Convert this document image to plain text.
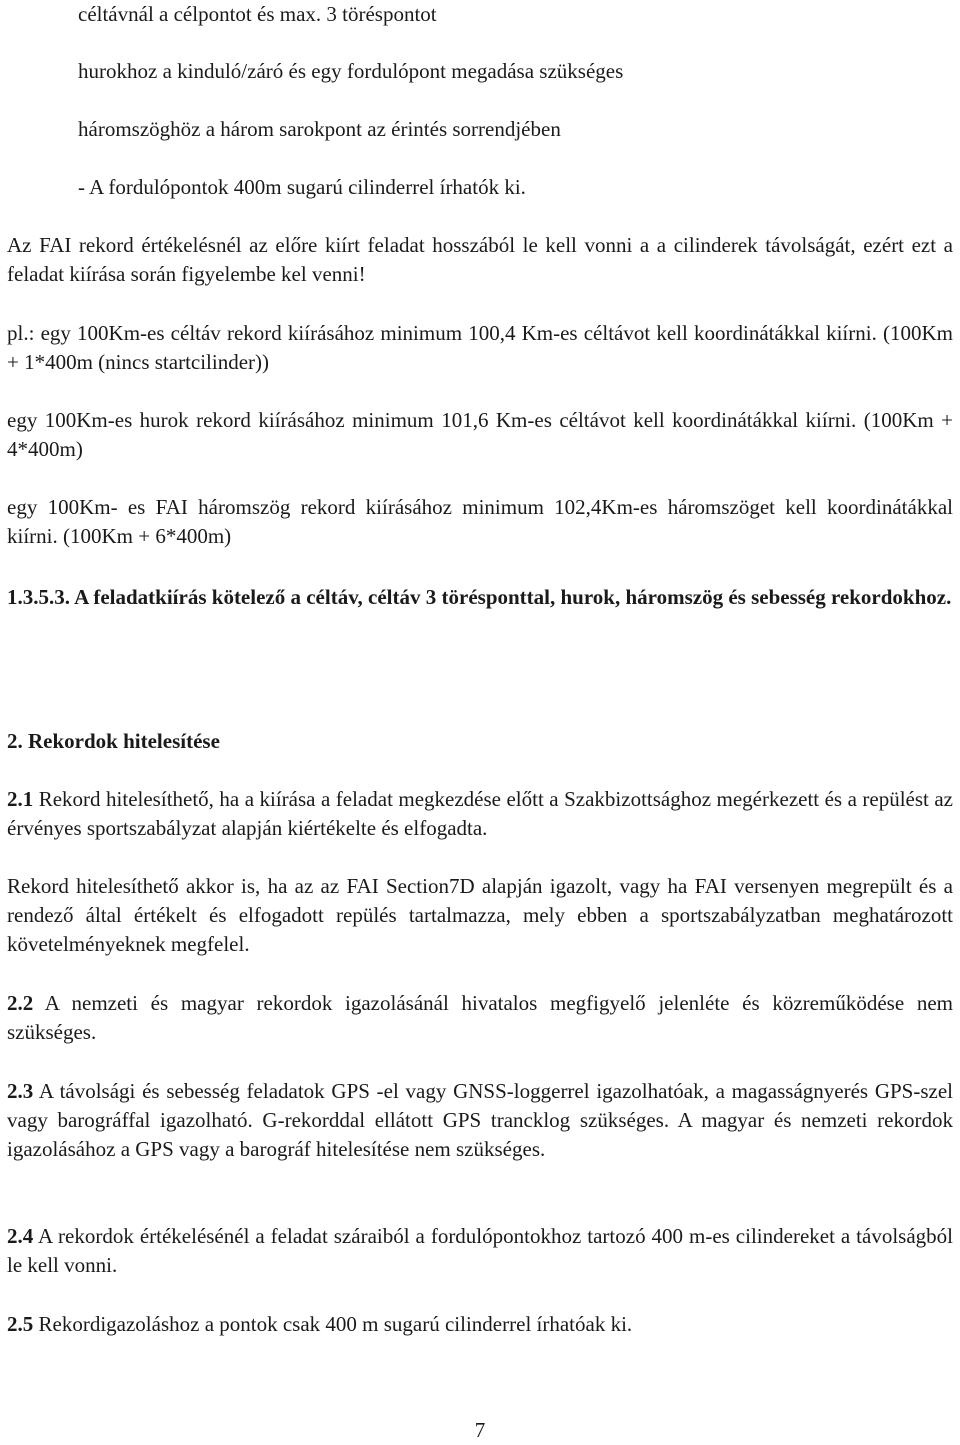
céltávnál a célpontot és max. 3 töréspontot

hurokhoz a kinduló/záró és egy fordulópont megadása szükséges

háromszöghöz a három sarokpont az érintés sorrendjében

- A fordulópontok 400m sugarú cilinderrel írhatók ki.

Az FAI rekord értékelésnél az előre kiírt feladat hosszából le kell vonni a a cilinderek távolságát, ezért ezt a feladat kiírása során figyelembe kel venni!

pl.: egy 100Km-es céltáv rekord kiírásához minimum 100,4 Km-es céltávot kell koordinátákkal kiírni. (100Km + 1*400m (nincs startcilinder))

egy 100Km-es hurok rekord kiírásához minimum 101,6 Km-es céltávot kell koordinátákkal kiírni. (100Km + 4*400m)

egy 100Km- es FAI háromszög rekord kiírásához minimum 102,4Km-es háromszöget kell koordinátákkal kiírni. (100Km + 6*400m)

1.3.5.3. A feladatkiírás kötelező a céltáv, céltáv 3 törésponttal, hurok, háromszög és sebesség rekordokhoz.

2. Rekordok hitelesítése

2.1 Rekord hitelesíthető, ha a kiírása a feladat megkezdése előtt a Szakbizottsághoz megérkezett és a repülést az érvényes sportszabályzat alapján kiértékelte és elfogadta.

Rekord hitelesíthető akkor is, ha az az FAI Section7D alapján igazolt, vagy ha FAI versenyen megrepült és a rendező által értékelt és elfogadott repülés tartalmazza, mely ebben a sportszabályzatban meghatározott követelményeknek megfelel.

2.2 A nemzeti és magyar rekordok igazolásánál hivatalos megfigyelő jelenléte és közreműködése nem szükséges.

2.3 A távolsági és sebesség feladatok GPS -el vagy GNSS-loggerrel igazolhatóak, a magasságnyerés GPS-szel vagy barográffal igazolható. G-rekorddal ellátott GPS trancklog szükséges. A magyar és nemzeti rekordok igazolásához a GPS vagy a barográf hitelesítése nem szükséges.

2.4 A rekordok értékelésénél a feladat száraiból a fordulópontokhoz tartozó 400 m-es cilindereket a távolságból le kell vonni.

2.5 Rekordigazoláshoz a pontok csak 400 m sugarú cilinderrel írhatóak ki.

7
